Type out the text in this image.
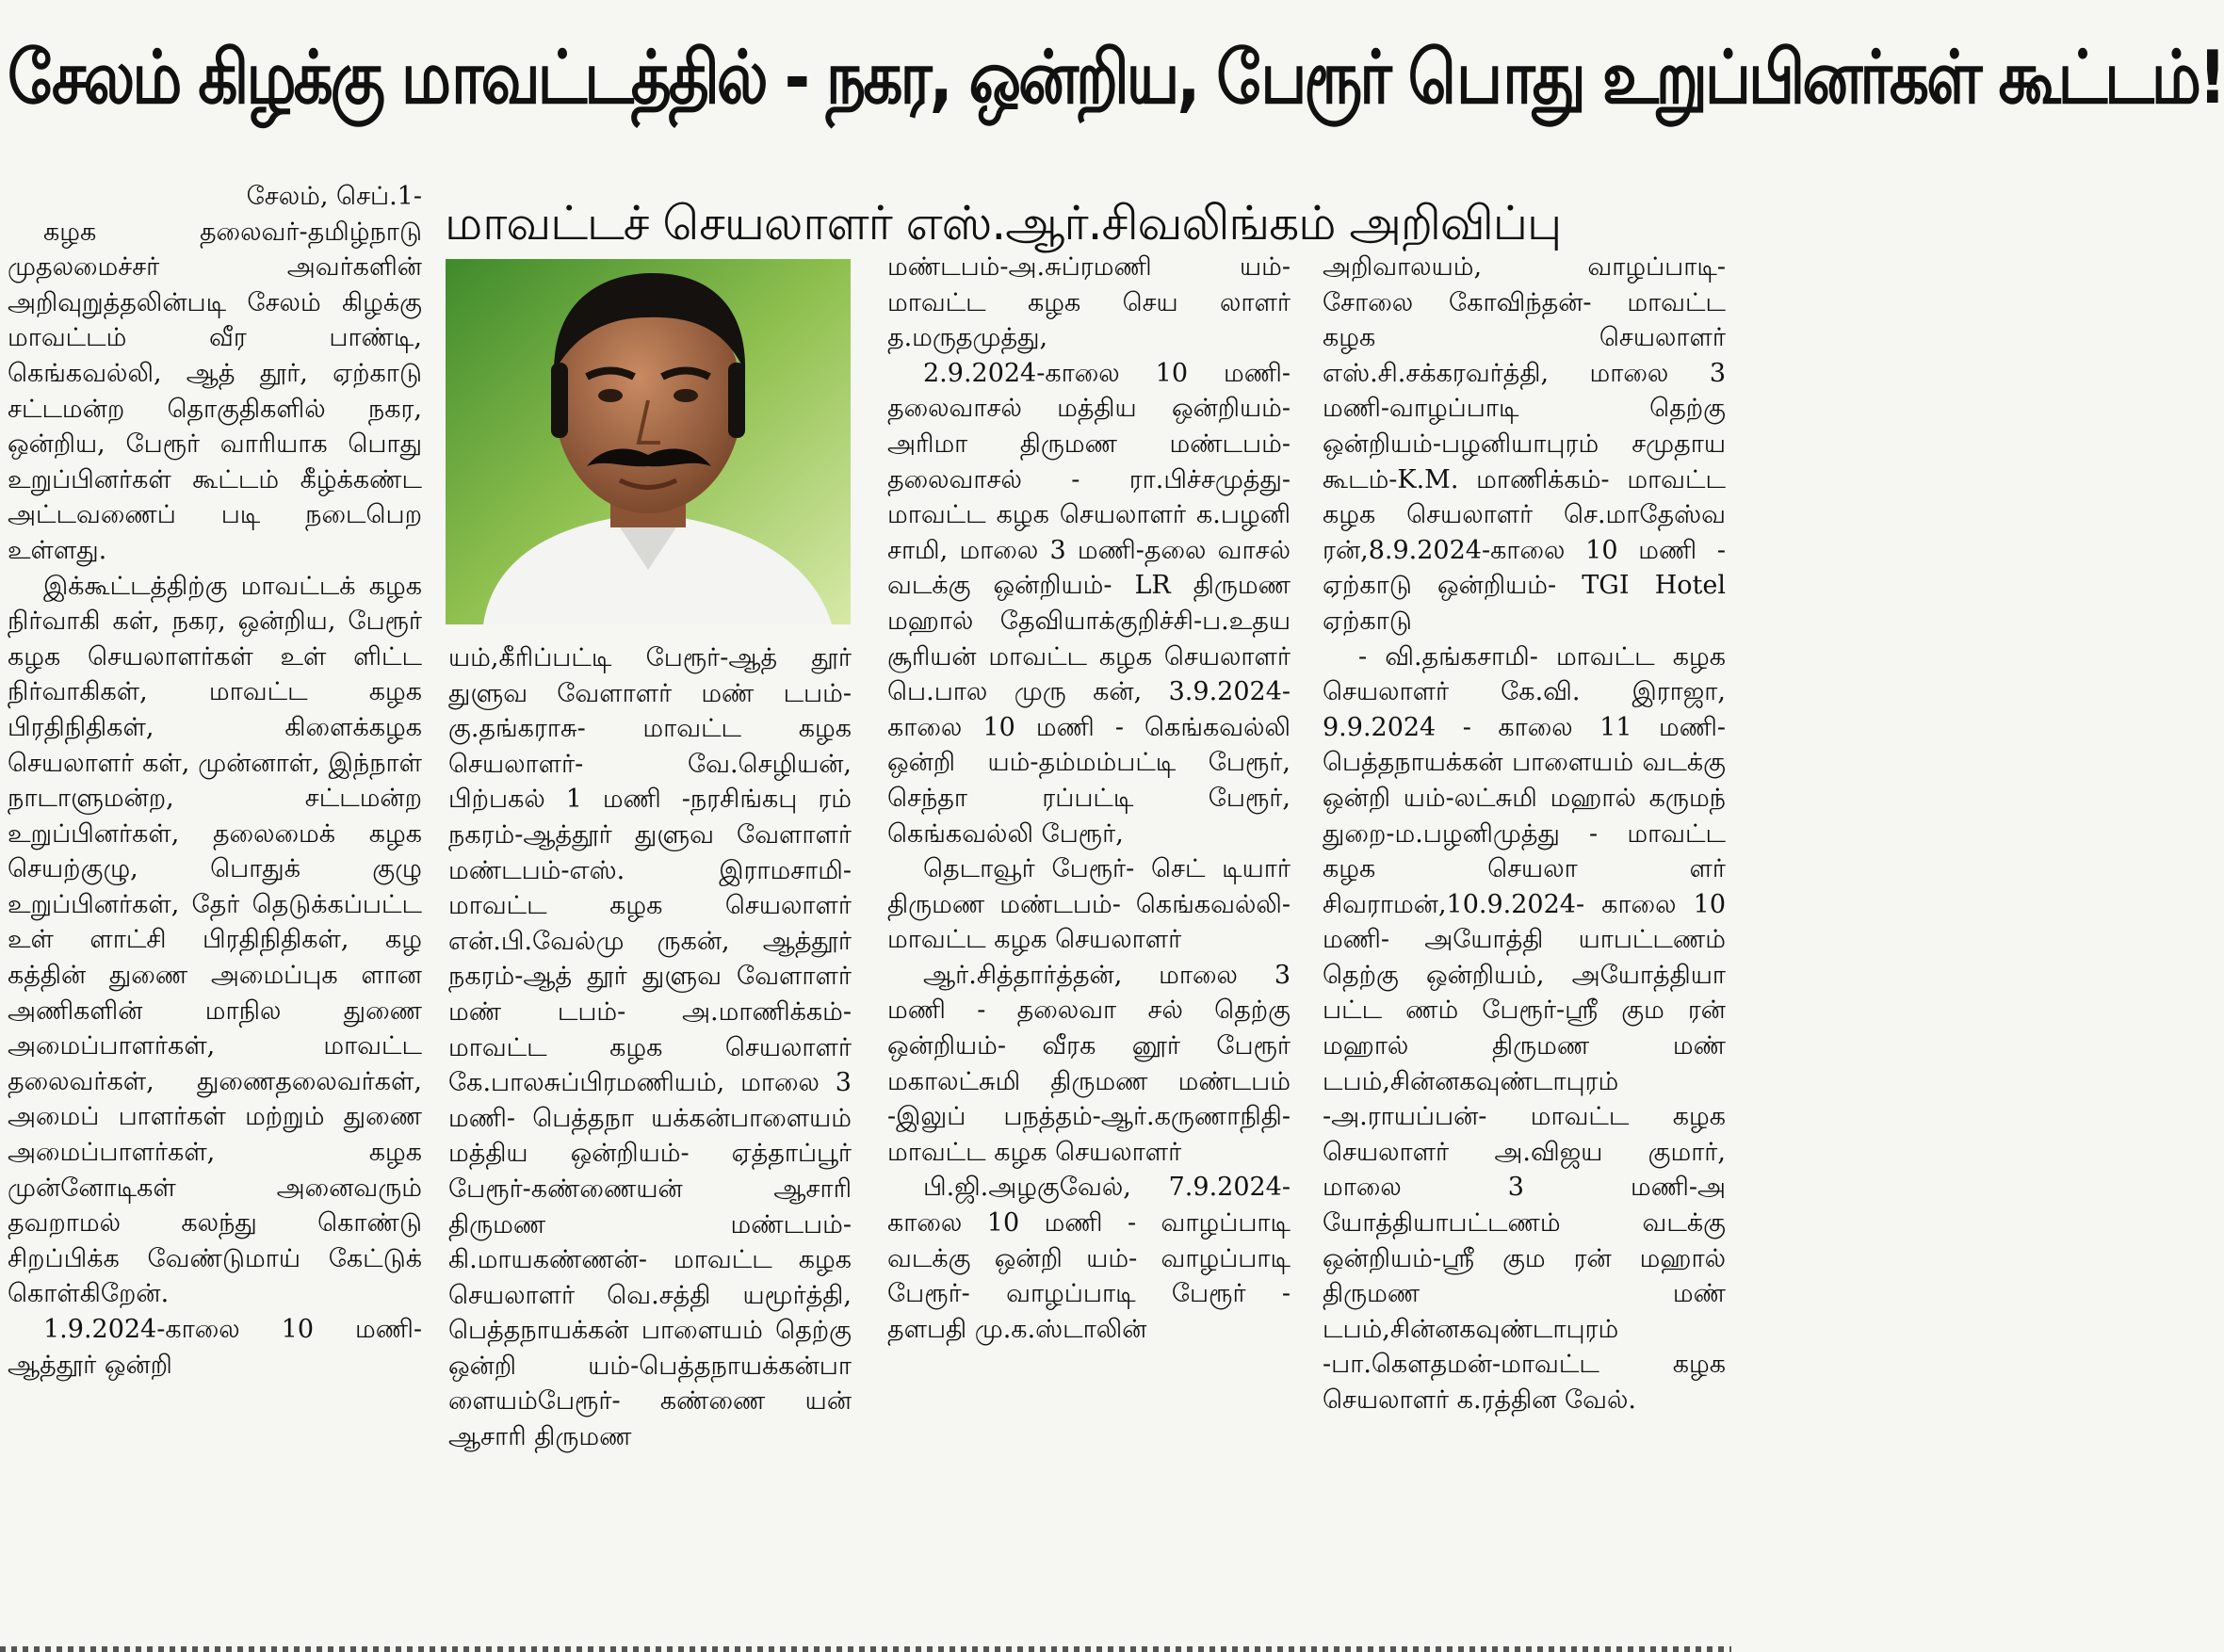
சேலம் கிழக்கு மாவட்டத்தில் - நகர, ஒன்றிய, பேரூர் பொது உறுப்பினர்கள் கூட்டம்!
மாவட்டச் செயலாளர் எஸ்.ஆர்.சிவலிங்கம் அறிவிப்பு

சேலம், செப்.1-

கழக தலைவர்-தமிழ்நாடு முதலமைச்சர் அவர்களின் அறிவுறுத்தலின்படி சேலம் கிழக்கு மாவட்டம் வீர பாண்டி, கெங்கவல்லி, ஆத் தூர், ஏற்காடு சட்டமன்ற தொகுதிகளில் நகர, ஒன்றிய, பேரூர் வாரியாக பொது உறுப்பினர்கள் கூட்டம் கீழ்க்கண்ட அட்டவணைப் படி நடைபெற உள்ளது.

இக்கூட்டத்திற்கு மாவட்டக் கழக நிர்வாகி கள், நகர, ஒன்றிய, பேரூர் கழக செயலாளர்கள் உள் ளிட்ட நிர்வாகிகள், மாவட்ட கழக பிரதிநிதிகள், கிளைக்கழக செயலாளர் கள், முன்னாள், இந்நாள் நாடாளுமன்ற, சட்டமன்ற உறுப்பினர்கள், தலைமைக் கழக செயற்குழு, பொதுக் குழு உறுப்பினர்கள், தேர் தெடுக்கப்பட்ட உள் ளாட்சி பிரதிநிதிகள், கழ கத்தின் துணை அமைப்புக ளான அணிகளின் மாநில துணை அமைப்பாளர்கள், மாவட்ட தலைவர்கள், துணைதலைவர்கள், அமைப் பாளர்கள் மற்றும் துணை அமைப்பாளர்கள், கழக முன்னோடிகள் அனைவரும் தவறாமல் கலந்து கொண்டு சிறப்பிக்க வேண்டுமாய் கேட்டுக் கொள்கிறேன்.

1.9.2024-காலை 10 மணி-ஆத்தூர் ஒன்றி

யம்,கீரிப்பட்டி பேரூர்-ஆத் தூர் துளுவ வேளாளர் மண் டபம்-கு.தங்கராசு- மாவட்ட கழக செயலாளர்- வே.செழியன், பிற்பகல் 1 மணி -நரசிங்கபு ரம் நகரம்-ஆத்தூர் துளுவ வேளாளர் மண்டபம்-எஸ். இராமசாமி- மாவட்ட கழக செயலாளர் என்.பி.வேல்மு ருகன், ஆத்தூர் நகரம்-ஆத் தூர் துளுவ வேளாளர் மண் டபம்- அ.மாணிக்கம்- மாவட்ட கழக செயலாளர் கே.பாலசுப்பிரமணியம், மாலை 3 மணி- பெத்தநா யக்கன்பாளையம் மத்திய ஒன்றியம்- ஏத்தாப்பூர் பேரூர்-கண்ணையன் ஆசாரி திருமண மண்டபம்- கி.மாயகண்ணன்- மாவட்ட கழக செயலாளர் வெ.சத்தி யமூர்த்தி, பெத்தநாயக்கன் பாளையம் தெற்கு ஒன்றி யம்-பெத்தநாயக்கன்பா ளையம்பேரூர்- கண்ணை யன் ஆசாரி திருமண

மண்டபம்-அ.சுப்ரமணி யம்- மாவட்ட கழக செய லாளர் த.மருதமுத்து,

2.9.2024-காலை 10 மணி- தலைவாசல் மத்திய ஒன்றியம்-அரிமா திருமண மண்டபம்- தலைவாசல் - ரா.பிச்சமுத்து- மாவட்ட கழக செயலாளர் க.பழனி சாமி, மாலை 3 மணி-தலை வாசல் வடக்கு ஒன்றியம்- LR திருமண மஹால் தேவியாக்குறிச்சி-ப.உதய சூரியன் மாவட்ட கழக செயலாளர் பெ.பால முரு கன், 3.9.2024-காலை 10 மணி - கெங்கவல்லி ஒன்றி யம்-தம்மம்பட்டி பேரூர், செந்தா ரப்பட்டி பேரூர், கெங்கவல்லி பேரூர்,

தெடாவூர் பேரூர்- செட் டியார் திருமண மண்டபம்- கெங்கவல்லி- மாவட்ட கழக செயலாளர்

ஆர்.சித்தார்த்தன், மாலை 3 மணி - தலைவா சல் தெற்கு ஒன்றியம்- வீரக னூர் பேரூர் மகாலட்சுமி திருமண மண்டபம் -இலுப் பநத்தம்-ஆர்.கருணாநிதி- மாவட்ட கழக செயலாளர்

பி.ஜி.அழகுவேல், 7.9.2024- காலை 10 மணி - வாழப்பாடி வடக்கு ஒன்றி யம்- வாழப்பாடி பேரூர்- வாழப்பாடி பேரூர் - தளபதி மு.க.ஸ்டாலின்

அறிவாலயம், வாழப்பாடி- சோலை கோவிந்தன்- மாவட்ட கழக செயலாளர் எஸ்.சி.சக்கரவர்த்தி, மாலை 3 மணி-வாழப்பாடி தெற்கு ஒன்றியம்-பழனியாபுரம் சமுதாய கூடம்-K.M. மாணிக்கம்- மாவட்ட கழக செயலாளர் செ.மாதேஸ்வ ரன்,8.9.2024-காலை 10 மணி - ஏற்காடு ஒன்றியம்- TGI Hotel ஏற்காடு

- வி.தங்கசாமி- மாவட்ட கழக செயலாளர் கே.வி. இராஜா, 9.9.2024 - காலை 11 மணி-பெத்தநாயக்கன் பாளையம் வடக்கு ஒன்றி யம்-லட்சுமி மஹால் கருமந் துறை-ம.பழனிமுத்து - மாவட்ட கழக செயலா ளர் சிவராமன்,10.9.2024- காலை 10 மணி- அயோத்தி யாபட்டணம் தெற்கு ஒன்றியம், அயோத்தியா பட்ட ணம் பேரூர்-ஸ்ரீ கும ரன் மஹால் திருமண மண் டபம்,சின்னகவுண்டாபுரம் -அ.ராயப்பன்- மாவட்ட கழக செயலாளர் அ.விஜய குமார், மாலை 3 மணி-அ யோத்தியாபட்டணம் வடக்கு ஒன்றியம்-ஸ்ரீ கும ரன் மஹால் திருமண மண் டபம்,சின்னகவுண்டாபுரம் -பா.கௌதமன்-மாவட்ட கழக செயலாளர் க.ரத்தின வேல்.
